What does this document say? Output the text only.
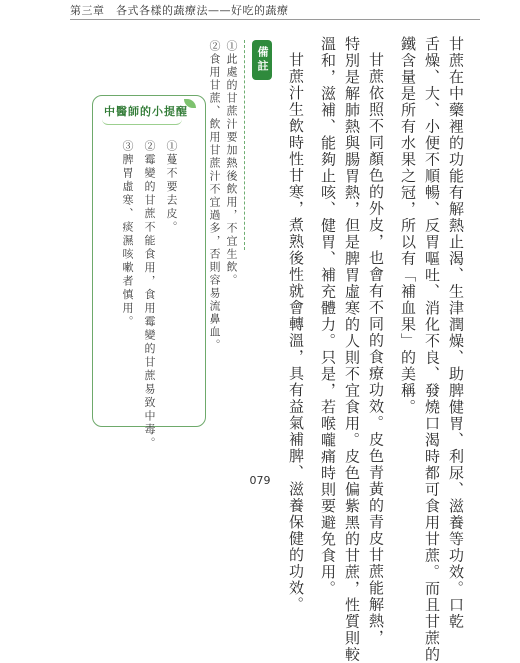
第三章　各式各樣的蔬療法——好吃的蔬療
甘蔗在中藥裡的功能有解熱止渴、生津潤燥、助脾健胃、利尿、滋養等功效。口乾
舌燥、大、小便不順暢、反胃嘔吐、消化不良、發燒口渴時都可食用甘蔗。而且甘蔗的
鐵含量是所有水果之冠，所以有「補血果」的美稱。
甘蔗依照不同顏色的外皮，也會有不同的食療功效。皮色青黃的青皮甘蔗能解熱，
特別是解肺熱與腸胃熱，但是脾胃虛寒的人則不宜食用。皮色偏紫黑的甘蔗，性質則較
溫和，滋補、能夠止咳、健胃、補充體力。只是，若喉嚨痛時則要避免食用。
甘蔗汁生飲時性甘寒，煮熟後性就會轉溫，具有益氣補脾、滋養保健的功效。
備註
①此處的甘蔗汁要加熱後飲用，不宜生飲。
②食用甘蔗、飲用甘蔗汁不宜過多，否則容易流鼻血。
中醫師的小提醒
①蔓不要去皮。
②霉變的甘蔗不能食用，食用霉變的甘蔗易致中毒。
③脾胃虛寒、痰濕咳嗽者慎用。
079
